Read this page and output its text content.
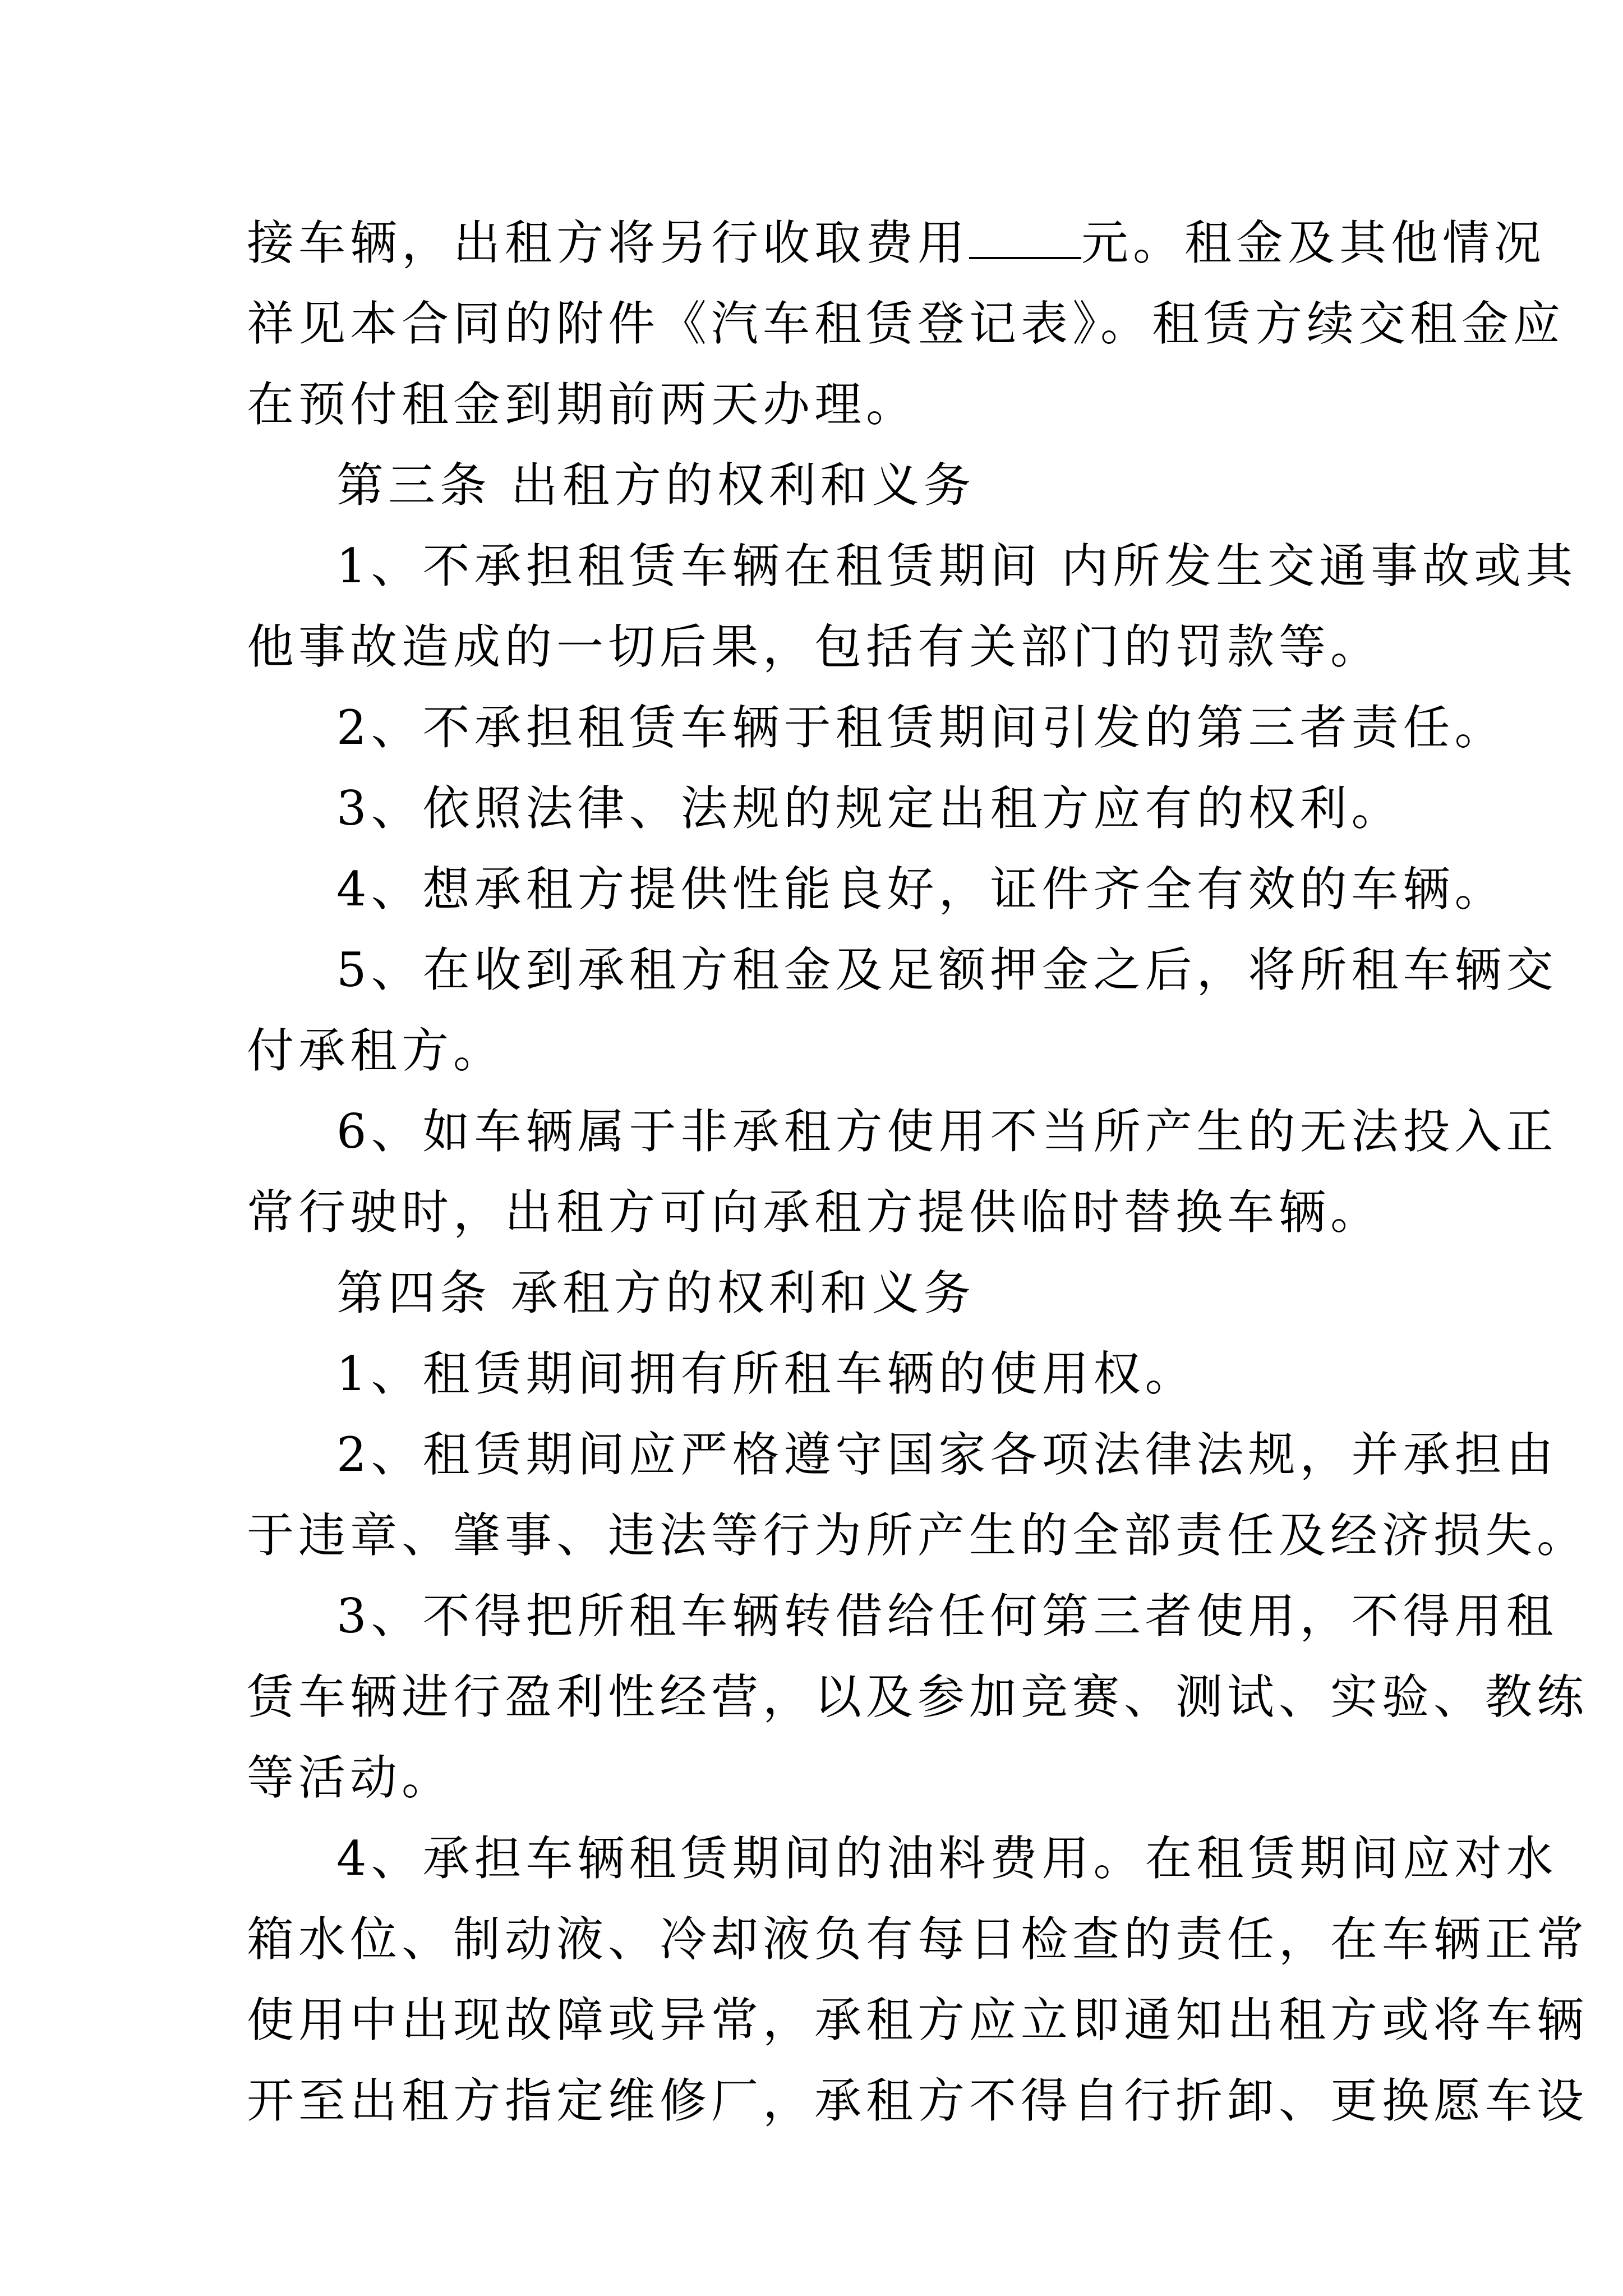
接车辆，出租方将另行收取费用 元。租金及其他情况
祥见本合同的附件《汽车租赁登记表》。租赁方续交租金应
在预付租金到期前两天办理。
第三条 出租方的权利和义务
1、不承担租赁车辆在租赁期间 内所发生交通事故或其
他事故造成的一切后果，包括有关部门的罚款等。
2、不承担租赁车辆于租赁期间引发的第三者责任。
3、依照法律、法规的规定出租方应有的权利。
4、想承租方提供性能良好，证件齐全有效的车辆。
5、在收到承租方租金及足额押金之后，将所租车辆交
付承租方。
6、如车辆属于非承租方使用不当所产生的无法投入正
常行驶时，出租方可向承租方提供临时替换车辆。
第四条 承租方的权利和义务
1、租赁期间拥有所租车辆的使用权。
2、租赁期间应严格遵守国家各项法律法规，并承担由
于违章、肇事、违法等行为所产生的全部责任及经济损失。
3、不得把所租车辆转借给任何第三者使用，不得用租
赁车辆进行盈利性经营，以及参加竞赛、测试、实验、教练
等活动。
4、承担车辆租赁期间的油料费用。在租赁期间应对水
箱水位、制动液、冷却液负有每日检查的责任，在车辆正常
使用中出现故障或异常，承租方应立即通知出租方或将车辆
开至出租方指定维修厂，承租方不得自行折卸、更换愿车设
